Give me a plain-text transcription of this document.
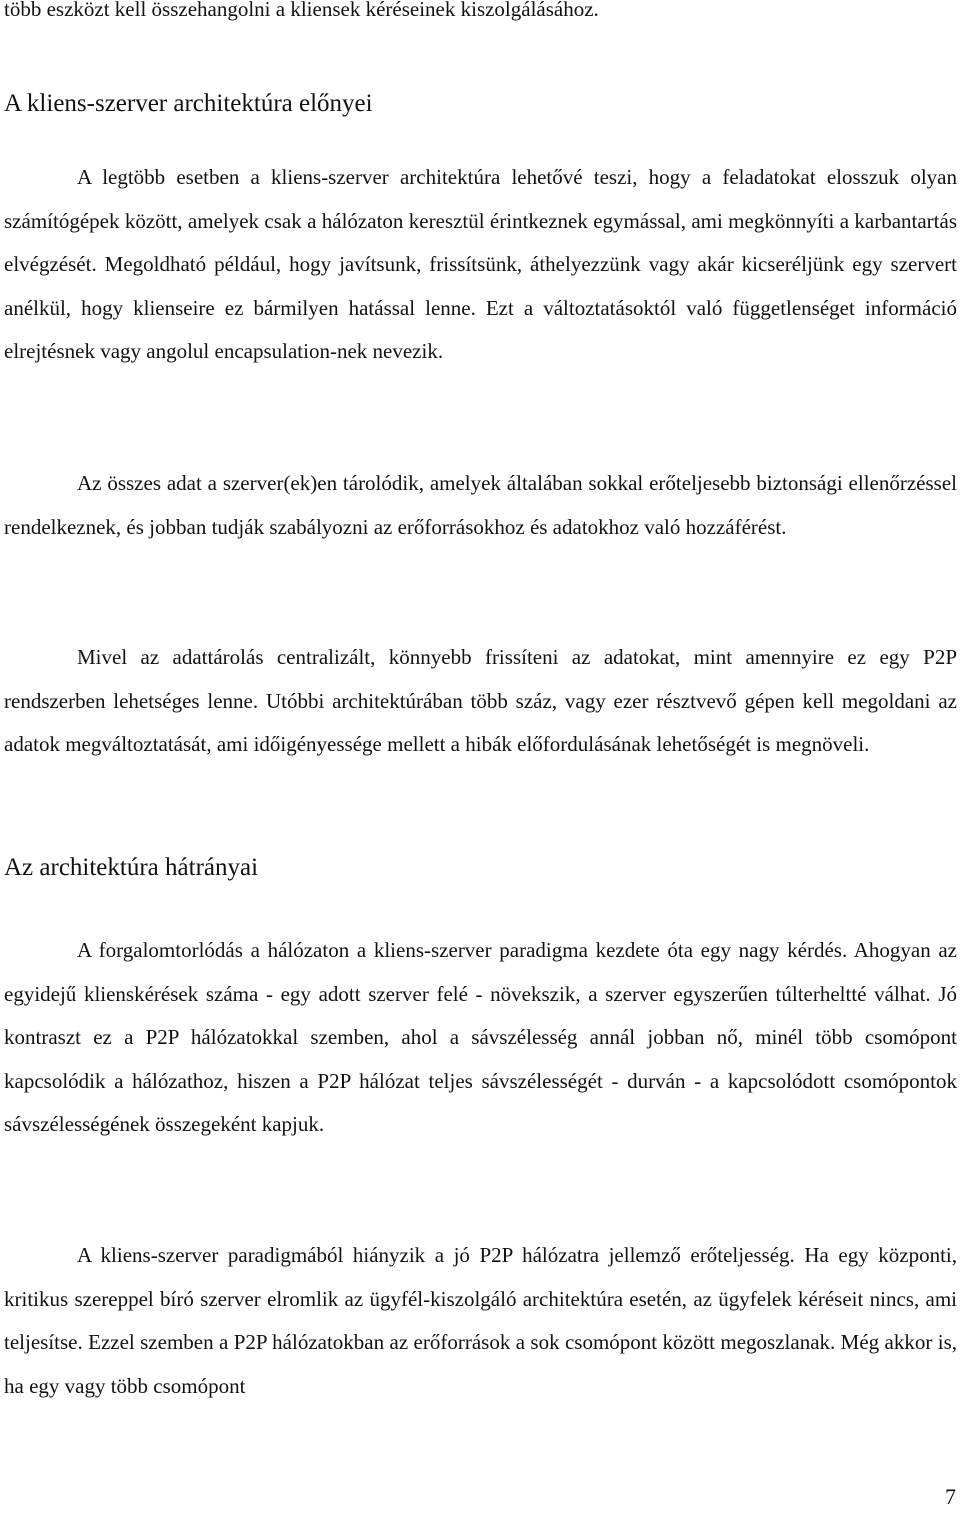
több eszközt kell összehangolni a kliensek kéréseinek kiszolgálásához.

A kliens-szerver architektúra előnyei

A legtöbb esetben a kliens-szerver architektúra lehetővé teszi, hogy a feladatokat elosszuk olyan számítógépek között, amelyek csak a hálózaton keresztül érintkeznek egymással, ami megkönnyíti a karbantartás elvégzését. Megoldható például, hogy javítsunk, frissítsünk, áthelyezzünk vagy akár kicseréljünk egy szervert anélkül, hogy klienseire ez bármilyen hatással lenne. Ezt a változtatásoktól való függetlenséget információ elrejtésnek vagy angolul encapsulation-nek nevezik.

Az összes adat a szerver(ek)en tárolódik, amelyek általában sokkal erőteljesebb biztonsági ellenőrzéssel rendelkeznek, és jobban tudják szabályozni az erőforrásokhoz és adatokhoz való hozzáférést.

Mivel az adattárolás centralizált, könnyebb frissíteni az adatokat, mint amennyire ez egy P2P rendszerben lehetséges lenne. Utóbbi architektúrában több száz, vagy ezer résztvevő gépen kell megoldani az adatok megváltoztatását, ami időigényessége mellett a hibák előfordulásának lehetőségét is megnöveli.

Az architektúra hátrányai

A forgalomtorlódás a hálózaton a kliens-szerver paradigma kezdete óta egy nagy kérdés. Ahogyan az egyidejű klienskérések száma - egy adott szerver felé - növekszik, a szerver egyszerűen túlterheltté válhat. Jó kontraszt ez a P2P hálózatokkal szemben, ahol a sávszélesség annál jobban nő, minél több csomópont kapcsolódik a hálózathoz, hiszen a P2P hálózat teljes sávszélességét - durván - a kapcsolódott csomópontok sávszélességének összegeként kapjuk.

A kliens-szerver paradigmából hiányzik a jó P2P hálózatra jellemző erőteljesség. Ha egy központi, kritikus szereppel bíró szerver elromlik az ügyfél-kiszolgáló architektúra esetén, az ügyfelek kéréseit nincs, ami teljesítse. Ezzel szemben a P2P hálózatokban az erőforrások a sok csomópont között megoszlanak. Még akkor is, ha egy vagy több csomópont

7
